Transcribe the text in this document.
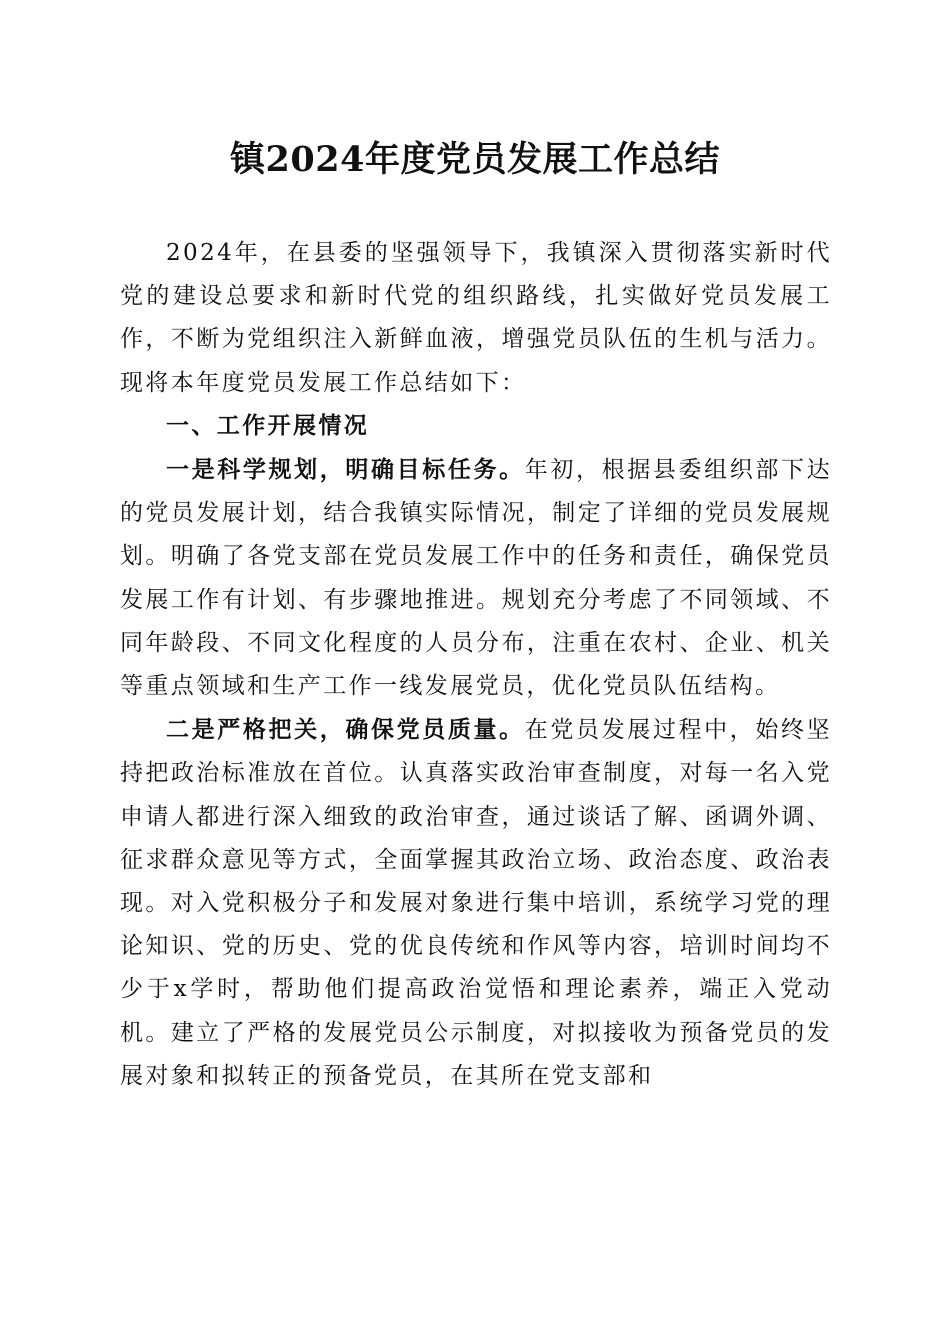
镇2024年度党员发展工作总结

2024年，在县委的坚强领导下，我镇深入贯彻落实新时代党的建设总要求和新时代党的组织路线，扎实做好党员发展工作，不断为党组织注入新鲜血液，增强党员队伍的生机与活力。现将本年度党员发展工作总结如下：

一、工作开展情况

一是科学规划，明确目标任务。年初，根据县委组织部下达的党员发展计划，结合我镇实际情况，制定了详细的党员发展规划。明确了各党支部在党员发展工作中的任务和责任，确保党员发展工作有计划、有步骤地推进。规划充分考虑了不同领域、不同年龄段、不同文化程度的人员分布，注重在农村、企业、机关等重点领域和生产工作一线发展党员，优化党员队伍结构。

二是严格把关，确保党员质量。在党员发展过程中，始终坚持把政治标准放在首位。认真落实政治审查制度，对每一名入党申请人都进行深入细致的政治审查，通过谈话了解、函调外调、征求群众意见等方式，全面掌握其政治立场、政治态度、政治表现。对入党积极分子和发展对象进行集中培训，系统学习党的理论知识、党的历史、党的优良传统和作风等内容，培训时间均不少于x学时，帮助他们提高政治觉悟和理论素养，端正入党动机。建立了严格的发展党员公示制度，对拟接收为预备党员的发展对象和拟转正的预备党员，在其所在党支部和
